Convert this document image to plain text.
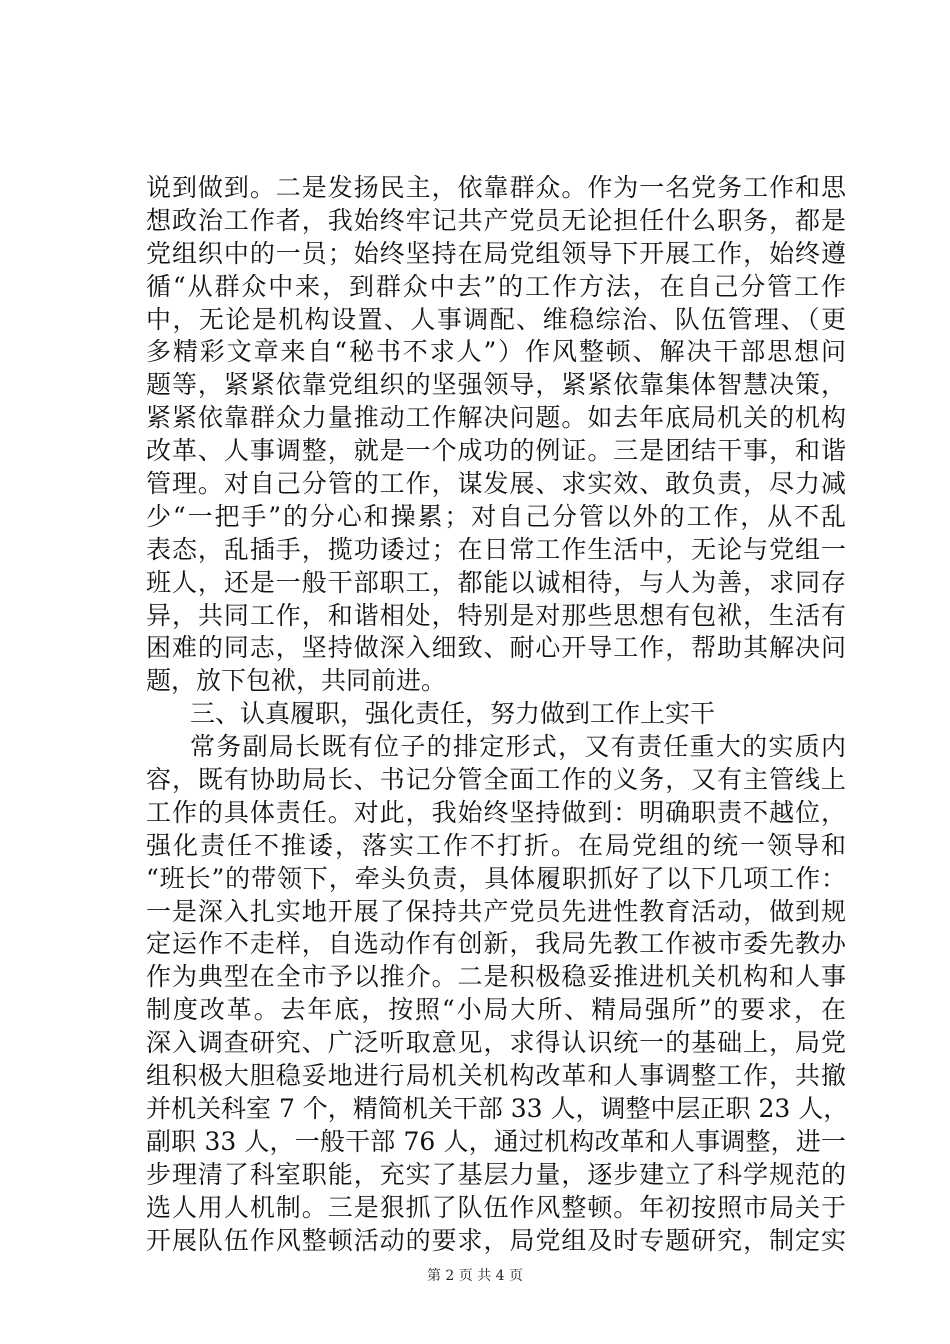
说到做到。二是发扬民主，依靠群众。作为一名党务工作和思
想政治工作者，我始终牢记共产党员无论担任什么职务，都是
党组织中的一员；始终坚持在局党组领导下开展工作，始终遵
循“从群众中来，到群众中去”的工作方法，在自己分管工作
中，无论是机构设置、人事调配、维稳综治、队伍管理、（更
多精彩文章来自“秘书不求人”）作风整顿、解决干部思想问
题等，紧紧依靠党组织的坚强领导，紧紧依靠集体智慧决策，
紧紧依靠群众力量推动工作解决问题。如去年底局机关的机构
改革、人事调整，就是一个成功的例证。三是团结干事，和谐
管理。对自己分管的工作，谋发展、求实效、敢负责，尽力减
少“一把手”的分心和操累；对自己分管以外的工作，从不乱
表态，乱插手，揽功诿过；在日常工作生活中，无论与党组一
班人，还是一般干部职工，都能以诚相待，与人为善，求同存
异，共同工作，和谐相处，特别是对那些思想有包袱，生活有
困难的同志，坚持做深入细致、耐心开导工作，帮助其解决问
题，放下包袱，共同前进。
三、认真履职，强化责任，努力做到工作上实干
常务副局长既有位子的排定形式，又有责任重大的实质内
容，既有协助局长、书记分管全面工作的义务，又有主管线上
工作的具体责任。对此，我始终坚持做到：明确职责不越位，
强化责任不推诿，落实工作不打折。在局党组的统一领导和
“班长”的带领下，牵头负责，具体履职抓好了以下几项工作：
一是深入扎实地开展了保持共产党员先进性教育活动，做到规
定运作不走样，自选动作有创新，我局先教工作被市委先教办
作为典型在全市予以推介。二是积极稳妥推进机关机构和人事
制度改革。去年底，按照“小局大所、精局强所”的要求，在
深入调查研究、广泛听取意见，求得认识统一的基础上，局党
组积极大胆稳妥地进行局机关机构改革和人事调整工作，共撤
并机关科室 7 个，精简机关干部 33 人，调整中层正职 23 人，
副职 33 人，一般干部 76 人，通过机构改革和人事调整，进一
步理清了科室职能，充实了基层力量，逐步建立了科学规范的
选人用人机制。三是狠抓了队伍作风整顿。年初按照市局关于
开展队伍作风整顿活动的要求，局党组及时专题研究，制定实
第 2 页 共 4 页
